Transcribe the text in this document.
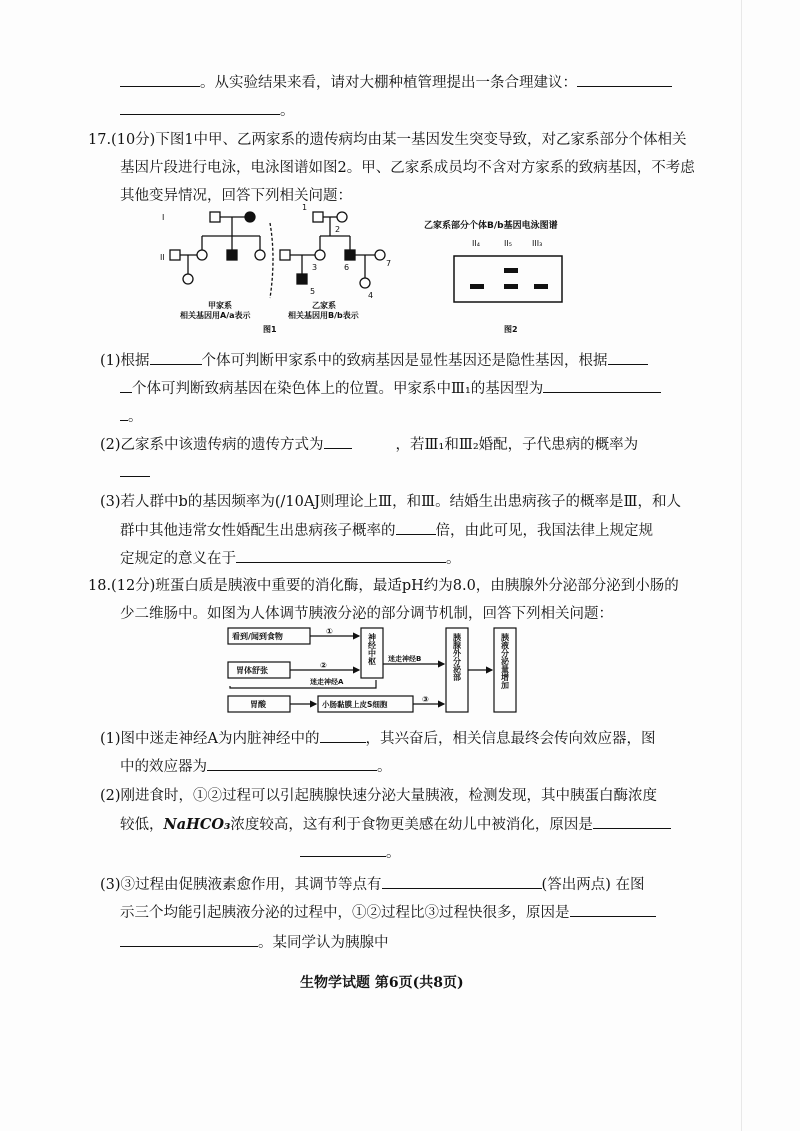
。从实验结果来看，请对大棚种植管理提出一条合理建议：
。
17.(10分)下图1中甲、乙两家系的遗传病均由某一基因发生突变导致，对乙家系部分个体相关
基因片段进行电泳，电泳图谱如图2。甲、乙家系成员均不含对方家系的致病基因，不考虑
其他变异情况，回答下列相关问题：
I
II
1
2
3
4
5
6	7
甲家系
相关基因用A/a表示
乙家系
相关基因用B/b表示
图1
乙家系部分个体B/b基因电泳图谱
II₄	II₅	III₃
图2
(1)根据	个体可判断甲家系中的致病基因是显性基因还是隐性基因，根据
个体可判断致病基因在染色体上的位置。甲家系中Ⅲ₁的基因型为
。
(2)乙家系中该遗传病的遗传方式为	，若Ⅲ₁和Ⅲ₂婚配，子代患病的概率为
(3)若人群中b的基因频率为(/10AJ则理论上Ⅲ，和Ⅲ。结婚生出患病孩子的概率是Ⅲ，和人
群中其他违常女性婚配生出患病孩子概率的	倍，由此可见，我国法律上规定规
定规定的意义在于	。
18.(12分)班蛋白质是胰液中重要的消化酶，最适pH约为8.0，由胰腺外分泌部分泌到小肠的
少二维肠中。如图为人体调节胰液分泌的部分调节机制，回答下列相关问题：
看到/闻到食物
胃体舒张
胃酸	小肠黏膜上皮S细胞
①
②
③
迷走神经A
迷走神经B
神经中枢	胰腺外分泌部	胰液分泌量增加
(1)图中迷走神经A为内脏神经中的	，其兴奋后，相关信息最终会传向效应器，图
中的效应器为	。
(2)刚进食时，①②过程可以引起胰腺快速分泌大量胰液，检测发现，其中胰蛋白酶浓度
较低，NaHCO₃浓度较高，这有利于食物更美感在幼儿中被消化，原因是
。
(3)③过程由促胰液素愈作用，其调节等点有	(答出两点) 在图
示三个均能引起胰液分泌的过程中，①②过程比③过程快很多，原因是
。某同学认为胰腺中
生物学试题 第6页(共8页)
